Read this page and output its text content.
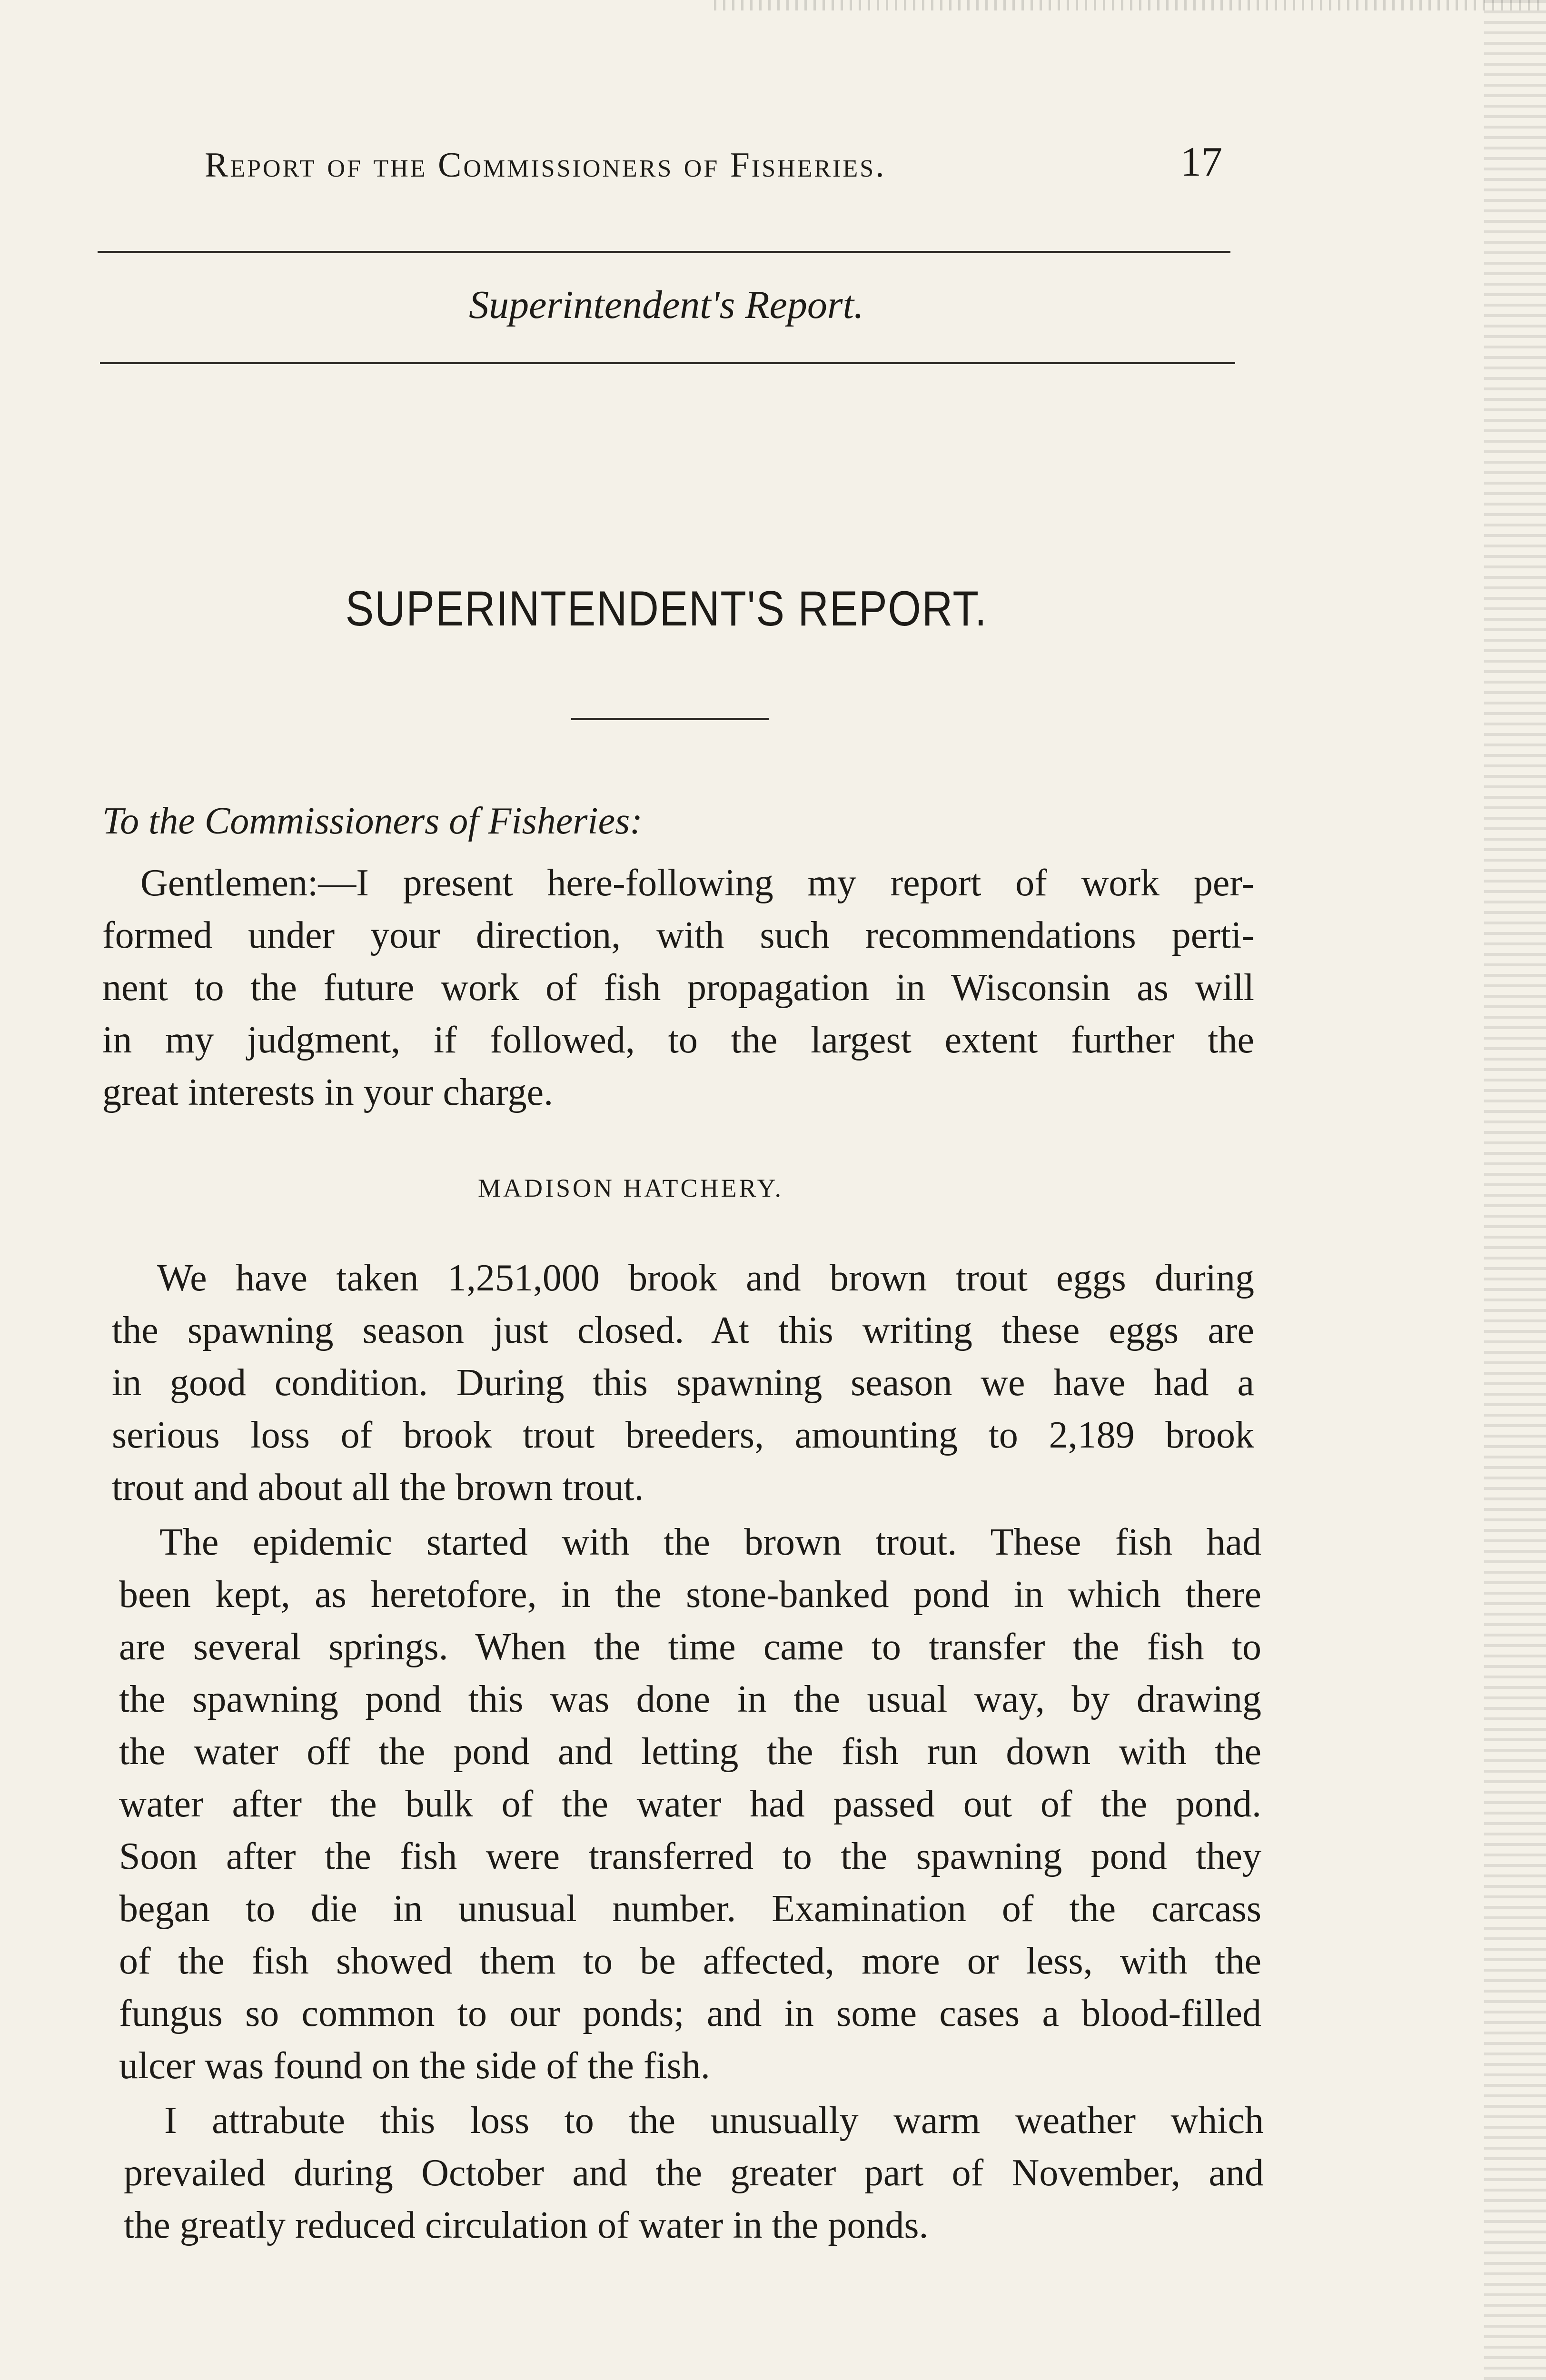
Report of the Commissioners of Fisheries.	17
Superintendent's Report.
SUPERINTENDENT'S REPORT.
To the Commissioners of Fisheries:
Gentlemen:—I present here-following my report of work per-
formed under your direction, with such recommendations perti-
nent to the future work of fish propagation in Wisconsin as will
in my judgment, if followed, to the largest extent further the
great interests in your charge.
MADISON HATCHERY.
We have taken 1,251,000 brook and brown trout eggs during
the spawning season just closed. At this writing these eggs are
in good condition. During this spawning season we have had a
serious loss of brook trout breeders, amounting to 2,189 brook
trout and about all the brown trout.
The epidemic started with the brown trout. These fish had
been kept, as heretofore, in the stone-banked pond in which there
are several springs. When the time came to transfer the fish to
the spawning pond this was done in the usual way, by drawing
the water off the pond and letting the fish run down with the
water after the bulk of the water had passed out of the pond.
Soon after the fish were transferred to the spawning pond they
began to die in unusual number. Examination of the carcass
of the fish showed them to be affected, more or less, with the
fungus so common to our ponds; and in some cases a blood-filled
ulcer was found on the side of the fish.
I attrabute this loss to the unusually warm weather which
prevailed during October and the greater part of November, and
the greatly reduced circulation of water in the ponds.
